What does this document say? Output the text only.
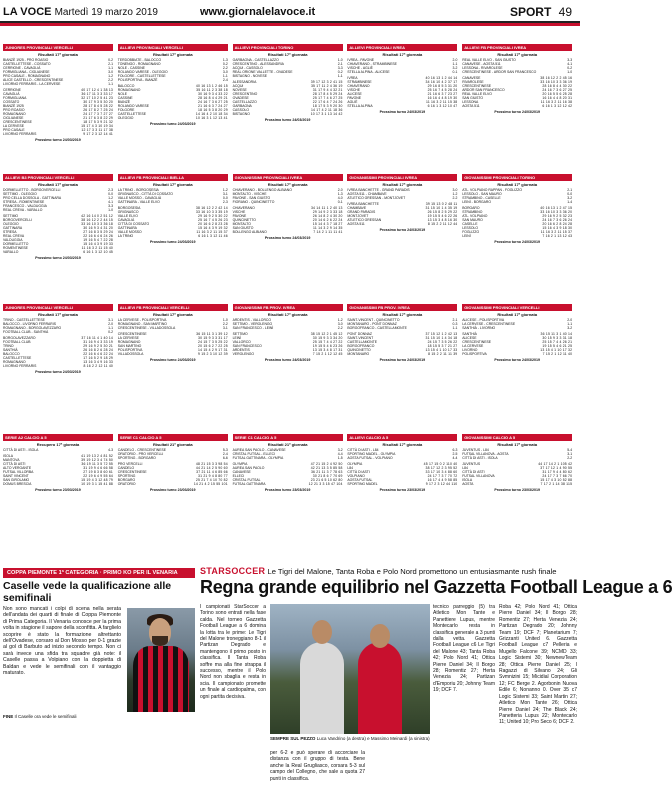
LA VOCE Martedì 19 marzo 2019	www.giornalelavoce.it	SPORT 49
JUNIORES PROVINCIALI VERCELLI
Risultati 17ª giornata
BIANZÈ 1925 - PRO ROASIO	0-2
CASTELLETTESE - COSSATO	2-1
CERRIONE - CAVAGLIÀ	1-1
FORMIGLIANA - CIGLIANESE	3-0
PRO CASALE - ROMAGNANO	1-2
ALICE CASTELLO - CRESCENTINESE	2-2
LIVORNO FERRARIS - LA CERVESE	1-1
CERRIONE	40 17 12 4 1 38 13
CAVAGLIÀ	36 17 11 3 3 33 17
FORMIGLIANA	32 17 10 2 5 41 23
COSSATO	30 17 9 3 5 30 20
BIANZÈ 1925	28 17 8 4 5 28 22
PRO ROASIO	26 17 8 2 7 25 24
ROMAGNANO	24 17 7 3 7 27 27
CIGLIANESE	21 17 6 3 8 22 29
CRESCENTINESE	18 17 5 3 9 21 32
LA CERVESE	15 17 4 3 10 19 34
PRO CASALE	12 17 3 3 11 17 38
LIVORNO FERRARIS	9 17 2 3 12 14 41
Prossimo turno 24/03/2019
ALLIEVI B3 PROVINCIALI VERCELLI
Risultati 17ª giornata
DORMELLETTO - BORGOVERCELLI	2-3
SETTIMO - OLEGGIO	0-0
PRO CELLA DOSSOLA - GATTINARA	1-2
STRESA - ROMENTINESE	4-1
FRANCESCO - VALDUGGIA	3-3
REAL CREVA - VARALLO	1-0
SETTIMO	42 16 14 0 2 51 12
BORGOVERCELLI	38 16 12 2 2 44 15
OLEGGIO	33 16 10 3 3 36 18
GATTINARA	30 16 9 3 4 31 20
STRESA	27 16 8 3 5 29 24
REAL CREVA	22 16 6 4 6 24 26
VALDUGGIA	19 16 5 4 7 22 28
DORMELLETTO	15 16 4 3 9 19 33
ROMENTINESE	11 16 3 2 11 15 40
VARALLO	6 16 1 3 12 10 45
Prossimo turno 24/03/2019
JUNIORES PROVINCIALI VERCELLI
Risultati 17ª giornata
TRINO - CASTELLETTESE	3-1
BALOCCO - LIVORNO FERRARIS	2-0
ROMAGNANO - BORGOLAVEZZARO	1-1
FOOTBALL CLUB - SANTHIÀ	0-2
BORGOLAVEZZARO	37 16 11 4 1 40 14
FOOTBALL CLUB	31 16 9 4 3 33 19
TRINO	29 16 9 2 5 30 21
SANTHIÀ	26 16 8 2 6 28 24
BALOCCO	22 16 6 4 6 22 24
CASTELLETTESE	17 16 5 2 9 18 29
ROMAGNANO	13 16 3 4 9 16 33
LIVORNO FERRARIS	8 16 2 2 12 11 40
Prossimo turno 24/03/2019
SERIE A2 CALCIO A 5
Recupero 17ª giornata
CITTÀ DI ASTI - ISOLA	4-3
ISOLA	41 19 13 2 4 81 52
MANTOVA	39 19 12 3 4 74 50
CITTÀ DI ASTI	36 19 11 3 5 72 55
ALTO VERGANTE	31 19 9 4 6 66 58
FUTSAL VILLORBA	27 19 8 3 8 60 61
SAINT VINCENT	22 19 6 4 9 55 64
SAN GIROLAMO	15 19 4 3 12 48 79
DOMUS BRESCIA	10 19 3 1 15 41 88
Prossimo turno 23/03/2019
ALLIEVI PROVINCIALI VERCELLI
Risultati 17ª giornata
TERDOBBIATE - BALOCCO	1-3
TONENGO - ROMAGNANO	0-2
NOLE - CASSINE	2-2
ROLANDO VARESE - OLEGGIO	3-0
FOLGORE - CASTELLETTESE	1-1
POLISPORTIVA - BIANZÈ	2-4
BALOCCO	40 16 13 1 2 46 15
ROMAGNANO	35 16 11 2 3 38 18
NOLE	30 16 9 3 4 33 22
CASSINE	28 16 8 4 4 29 21
BIANZÈ	24 16 7 3 6 27 25
ROLANDO VARESE	21 16 6 3 7 24 27
FOLGORE	18 16 5 3 8 20 29
CASTELLETTESE	14 16 4 2 10 18 34
OLEGGIO	10 16 3 1 12 13 41
Prossimo turno 24/03/2019
ALLIEVI FB PROVINCIALI BIELLA
Risultati 17ª giornata
LA TRINO - BORGOSESIA	1-2
GRIGNASCO - CITTÀ DI COSSATO	3-1
VALLE MOSSO - CAVAGLIÀ	0-0
GATTINARA - VALLE ELVO	2-3
BORGOSESIA	38 16 12 2 2 42 14
GRIGNASCO	33 16 10 3 3 35 19
VALLE ELVO	29 16 9 2 5 30 22
CAVAGLIÀ	25 16 7 4 5 26 23
CITTÀ DI COSSATO	20 16 6 2 8 23 28
GATTINARA	15 16 4 3 9 19 32
VALLE MOSSO	11 16 3 2 11 15 37
LA TRINO	6 16 1 3 12 11 46
Prossimo turno 24/03/2019
ALLIEVI FB PROVINCIALI VERCELLI
Risultati 17ª giornata
LA CERVESE - POLISPORTIVA	1-0
ROMAGNANO - SAN MARTINO	2-2
CRESCENTINESE - VILLADOSSOLA	3-1
CRESCENTINESE	36 15 11 3 1 39 12
LA CERVESE	30 15 9 3 3 31 17
ROMAGNANO	24 15 7 3 5 25 22
SAN MARTINO	20 15 6 2 7 22 25
POLISPORTIVA	14 15 4 2 9 17 31
VILLADOSSOLA	9 15 2 3 10 12 39
Prossimo turno 24/03/2019
SERIE C1 CALCIO A 5
Risultati 21ª giornata
CANDELO - CRESCENTINESE	5-3
ORATORIO - PRO VERCELLI	2-4
SPORTING - BORGARO	6-6
PRO VERCELLI	48 21 15 3 3 98 54
CANDELO	44 21 14 2 5 90 60
CRESCENTINESE	37 21 11 4 6 85 66
SPORTING	31 21 9 4 8 80 77
BORGARO	25 21 7 4 10 70 82
ORATORIO	14 21 4 2 15 55 101
Prossimo turno 23/03/2019
ALLIEVI PROVINCIALI TORINO
Risultati 17ª giornata
GARBAGNA - CASTELLAZZO	1-0
CRESCENTINO - ALESSANDRIA	2-1
ACQUI - CASSOLO	3-3
REAL ORIONE VALLETTE - OVADESE	0-2
BISTAGNO - NOVESE	1-1
ALESSANDRIA	39 17 12 3 2 41 15
ACQUI	35 17 11 2 4 36 19
NOVESE	31 17 9 4 4 32 21
CRESCENTINO	28 17 8 4 5 29 24
OVADESE	25 17 7 4 6 27 25
CASTELLAZZO	22 17 6 4 7 24 26
GARBAGNA	18 17 5 3 9 20 30
CASSOLO	14 17 4 2 11 18 36
BISTAGNO	10 17 3 1 13 14 42
Prossimo turno 24/03/2019
GIOVANISSIMI PROVINCIALI IVREA
Risultati 17ª giornata
CHIAVERANO - BOLLENGO ALBIANO	2-0
MONTALTO - VISCHE	1-3
PAVONE - SAN GIUSTO	4-0
FIORANO - QUINCINETTO	0-1
CHIAVERANO	34 14 11 1 2 40 13
VISCHE	29 14 9 2 3 33 18
PAVONE	26 14 8 2 4 30 20
QUINCINETTO	20 14 6 2 6 22 24
MONTALTO	15 14 4 3 7 18 27
SAN GIUSTO	11 14 3 2 9 14 35
BOLLENGO ALBIANO	7 14 2 1 11 11 41
Prossimo turno 24/03/2019
GIOVANISSIMI FB PROV. IVREA
Risultati 17ª giornata
ARDENTIS - VALLORCO	1-2
SETTIMO - VEROLENGO	3-0
SAN FRANCESCO - LEINÌ	2-2
SETTIMO	38 15 12 2 1 45 12
LEINÌ	30 15 9 3 3 34 20
VALLORCO	25 15 7 4 4 27 22
SAN FRANCESCO	19 15 5 4 6 23 26
ARDENTIS	13 15 3 4 8 17 31
VEROLENGO	7 15 2 1 12 12 45
Prossimo turno 24/03/2019
SERIE C1 CALCIO A 5
Risultati 21ª giornata
AUREA SAN PAOLO - CANAVESE	3-2
CRISTAL FUTSAL - ELLECI	4-4
FUTSAL GATTINARA - OLYMPIA	1-5
OLYMPIA	47 21 15 2 4 92 50
AUREA SAN PAOLO	42 21 13 3 5 85 58
CANAVESE	36 21 11 3 7 78 63
ELLECI	30 21 8 6 7 70 69
CRISTAL FUTSAL	23 21 6 5 10 62 80
FUTSAL GATTINARA	12 21 3 3 15 47 104
Prossimo turno 23/03/2019
ALLIEVI PROVINCIALI IVREA
Risultati 17ª giornata
IVREA - PAVONE	2-0
CHIAVERANO - STRAMBINESE	1-1
VISCHE - AGLIÈ	3-2
STELLA ALPINA - ALICESE	0-1
IVREA	40 16 13 1 2 44 14
STRAMBINESE	34 16 10 4 2 37 17
CHIAVERANO	29 16 8 5 3 31 20
VISCHE	25 16 7 4 5 28 24
ALICESE	21 16 6 3 7 23 27
PAVONE	16 16 4 4 8 19 30
AGLIÈ	11 16 3 2 11 15 38
STELLA ALPINA	6 16 1 3 12 10 47
Prossimo turno 24/03/2019
GIOVANISSIMI PROVINCIALI IVREA
Risultati 17ª giornata
IVREA BANCHETTE - GRAND PARADIS	3-0
AOSTA 511 - CHAMBAVE	1-2
ATLETICO GRESSAN - MONTJOVET	2-2
IVREA BANCHETTE	39 15 13 0 2 48 11
CHAMBAVE	31 15 10 1 4 35 19
GRAND PARADIS	26 15 8 2 5 29 22
MONTJOVET	19 15 5 4 6 22 26
ATLETICO GRESSAN	13 15 3 4 8 16 30
AOSTA 511	8 15 2 2 11 12 44
Prossimo turno 24/03/2019
GIOVANISSIMI FB PROV. IVREA
Risultati 17ª giornata
SAINT-VINCENT - QUINCINETTO	2-1
MONTANARO - PONT DONNAZ	0-3
BORGOFRANCO - CASTELLAMONTE	1-1
PONT DONNAZ	37 15 12 1 2 42 13
SAINT-VINCENT	31 15 10 1 4 34 18
CASTELLAMONTE	24 15 7 3 5 26 22
BORGOFRANCO	18 15 5 3 7 21 27
QUINCINETTO	13 15 4 1 10 17 33
MONTANARO	8 15 2 2 11 11 39
Prossimo turno 24/03/2019
ALLIEVI CALCIO A 5
Risultati 17ª giornata
CITTÀ DI ASTI - L84	6-3
SPORTING MADEL - OLYMPIA	2-5
AOSTA FUTSAL - VOLPIANO	4-4
OLYMPIA	45 17 15 0 2 110 40
L84	38 17 12 2 3 95 52
CITTÀ DI ASTI	33 17 10 3 4 88 60
VOLPIANO	24 17 7 3 7 70 72
AOSTA FUTSAL	16 17 4 4 9 58 85
SPORTING MADEL	9 17 2 3 12 44 110
Prossimo turno 23/03/2019
ALLIEVI FB PROVINCIALI IVREA
Risultati 17ª giornata
REAL VALLE ELVO - SAN GIUSTO	3-3
CANAVESE - AOSTA 511	4-1
LESSONA - RIVAROLESE	0-2
CRESCENTINESE - ARDOR SAN FRANCESCO	1-0
CANAVESE	38 16 12 2 2 45 16
RIVAROLESE	33 16 10 3 3 36 19
CRESCENTINESE	28 16 8 4 4 30 22
ARDOR SAN FRANCESCO	24 16 7 3 6 27 25
REAL VALLE ELVO	20 16 5 5 6 25 28
SAN GIUSTO	16 16 4 4 8 20 31
LESSONA	11 16 3 2 11 16 38
AOSTA 511	6 16 1 3 12 12 42
Prossimo turno 24/03/2019
GIOVANISSIMI PROVINCIALI TORINO
Risultati 17ª giornata
ATL. VOLPIANO RAPPAN - FOGLIZZO	2-1
LESSOLO - SAN MAURO	0-0
STRAMBINO - CASELLE	3-2
LEINÌ - BORGARO	1-4
BORGARO	40 16 13 1 2 47 15
STRAMBINO	33 16 10 3 3 36 20
ATL. VOLPIANO	29 16 9 2 5 32 23
SAN MAURO	24 16 7 3 6 26 24
CASELLE	20 16 6 2 8 24 28
LESSOLO	15 16 4 3 9 18 30
FOGLIZZO	11 16 3 2 11 15 37
LEINÌ	7 16 2 1 13 12 43
Prossimo turno 24/03/2019
GIOVANISSIMI PROVINCIALI VERCELLI
Risultati 17ª giornata
ALICESE - POLISPORTIVA	2-0
LA CERVESE - CRESCENTINESE	1-1
SANTHIÀ - LIVORNO	3-2
SANTHIÀ	36 15 11 3 1 40 14
ALICESE	30 15 9 3 3 31 18
CRESCENTINESE	25 15 7 4 4 26 21
LA CERVESE	19 15 5 4 6 21 25
LIVORNO	13 15 4 1 10 17 32
POLISPORTIVA	7 15 2 1 12 11 40
Prossimo turno 24/03/2019
GIOVANISSIMI CALCIO A 5
Risultati 17ª giornata
JUVENTUS - L84	5-4
FUTSAL VILLANOVA - AOSTA	3-1
CITTÀ DI ASTI - ISOLA	2-2
JUVENTUS	44 17 14 2 1 105 42
L84	37 17 12 1 4 90 55
CITTÀ DI ASTI	31 17 9 4 4 80 62
FUTSAL VILLANOVA	24 17 7 3 7 66 70
ISOLA	15 17 4 3 10 52 88
AOSTA	7 17 2 1 14 38 115
Prossimo turno 23/03/2019
COPPA PIEMONTE 1ª CATEGORIA · PRIMO KO PER IL VENARIA
Caselle vede la qualificazione alle semifinali
Non sono mancati i colpi di scena nella serata dell'andata dei quarti di finale di Coppa Piemonte di Prima Categoria. Il Venaria conosce per la prima volta in stagione il sapore della sconfitta. A farglielo scoprire è stato la formazione altrettanto dell'Ovadese, corsaro al Don Mosso per 0-1 grazie al gol di Barbuto ad inizio secondo tempo. Non ci sarà invece una sfida tra squadre già note: il Caselle passa a Volpiano con la doppietta di Baldan e vede le semifinali con il vantaggio maturato.
FINE Il Caselle ora vede le semifinali
STARSOCCER Le Tigri del Malone, Tanta Roba e Polo Nord promettono un entusiasmante rush finale
Regna grande equilibrio nel Gazzetta Football League a 6
I campionati StarSoccer a Torino sono entrati nella fase calda. Nel torneo Gazzetta Football League a 6 domina la lotta tra le prime: Le Tigri del Malone troneggiano 8-1 il Partizan Degrado e mantengono il primo posto in classifica. Il Tanta Roba soffre ma alla fine strappa il successo, mentre il Polo Nord non sbaglia e resta in scia. Il campionato promette un finale al cardiopalma, con ogni partita decisiva.
SEMPRE SUL PEZZO Luca Vandrino (a destra) e Massimo Meinardi (a sinistra)
per 6-2 e può sperare di accorciare la distanza con il gruppo di testa. Bene anche la Real Grugliasco, corsara 5-3 sul campo del Collegno, che sale a quota 27 punti in classifica.
tecnico parreggio (5) tra Atletico Mon Tante e Panettiere Lupus, mentre Montecarlo resta in classifica generale a 3 punti dalla vetta. Gazzetta Football League c6 Le Tigri del Malone 43; Tanta Roba 42; Polo Nord 41; Ottica Pierre Daniel 34; Il Borgo 28; Romentiz 27; Herta Venezia 24; Partizan d'Emporiu 20; Johnny Team 19; DCF 7.
Roba 42; Polo Nord 41; Ottica Pierre Daniel 34; Il Borgo 28; Romentiz 27; Herta Venezia 24; Partizan Degrado 20; Johnny Team 19; DCF 7; Planetarium 7; Grizzanti United 6. Gazzetta Football League c7 Pelleria e Mugello Falcone 39; NCMD 33; Logic Sistemi 30; NewnewTeam 28; Ottica Pierre Daniel 25; I Ragazzi di Silvano 24; Gli Svmnizini 15; Micidial Corporation 12; FC Berge 2. Agorbonin Nuova Edile 6; Nonanno 0. Over 35 c7 Logic Sistemi 33; Saint Martin 27; Atletico Mon Tante 26; Ottica Pierre Daniel 24; The Black 24; Panetteria Lupus 22; Montecarlo 11; United 10; Pro Seco 6; DCF 2.
